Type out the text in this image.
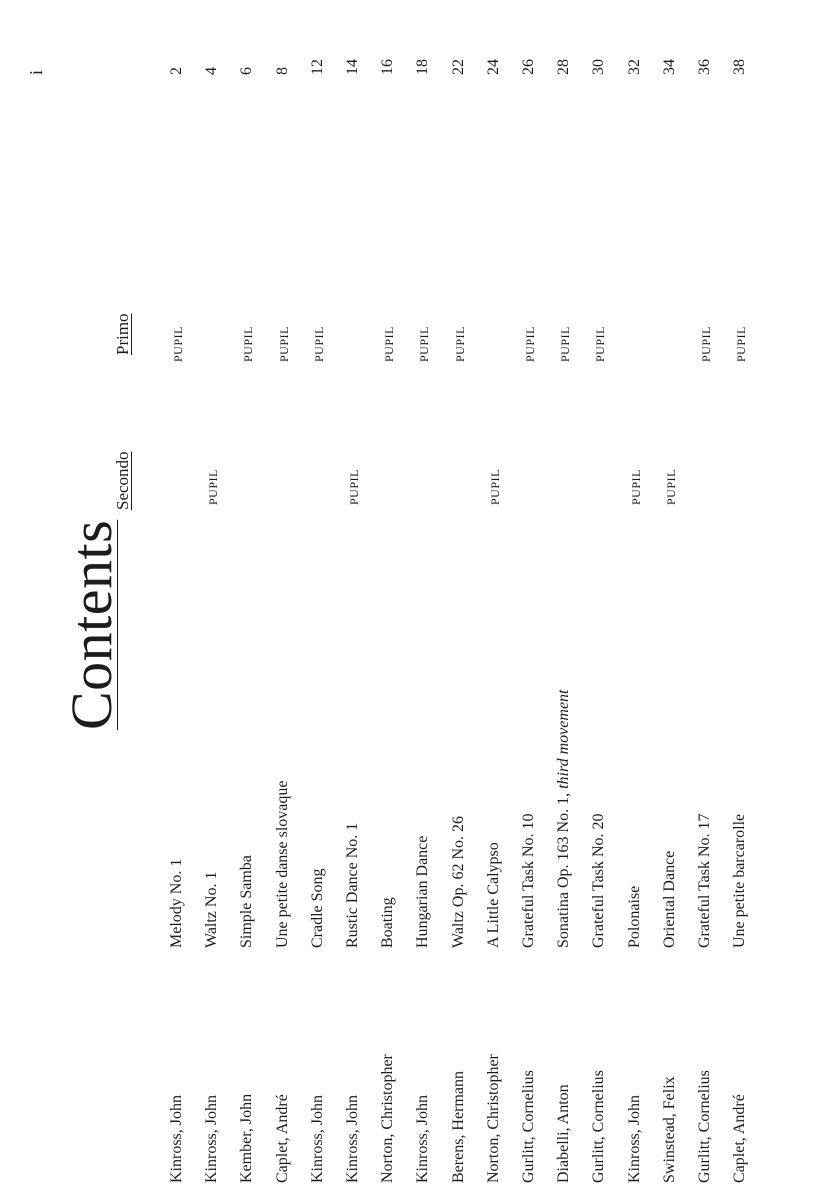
i
Contents
Secondo
Primo
Kinross, John
Melody No. 1
PUPIL
2
Kinross, John
Waltz No. 1
PUPIL
4
Kember, John
Simple Samba
PUPIL
6
Caplet, André
Une petite danse slovaque
PUPIL
8
Kinross, John
Cradle Song
PUPIL
12
Kinross, John
Rustic Dance No. 1
PUPIL
14
Norton, Christopher
Boating
PUPIL
16
Kinross, John
Hungarian Dance
PUPIL
18
Berens, Hermann
Waltz Op. 62 No. 26
PUPIL
22
Norton, Christopher
A Little Calypso
PUPIL
24
Gurlitt, Cornelius
Grateful Task No. 10
PUPIL
26
Diabelli, Anton
Sonatina Op. 163 No. 1, third movement
PUPIL
28
Gurlitt, Cornelius
Grateful Task No. 20
PUPIL
30
Kinross, John
Polonaise
PUPIL
32
Swinstead, Felix
Oriental Dance
PUPIL
34
Gurlitt, Cornelius
Grateful Task No. 17
PUPIL
36
Caplet, André
Une petite barcarolle
PUPIL
38
